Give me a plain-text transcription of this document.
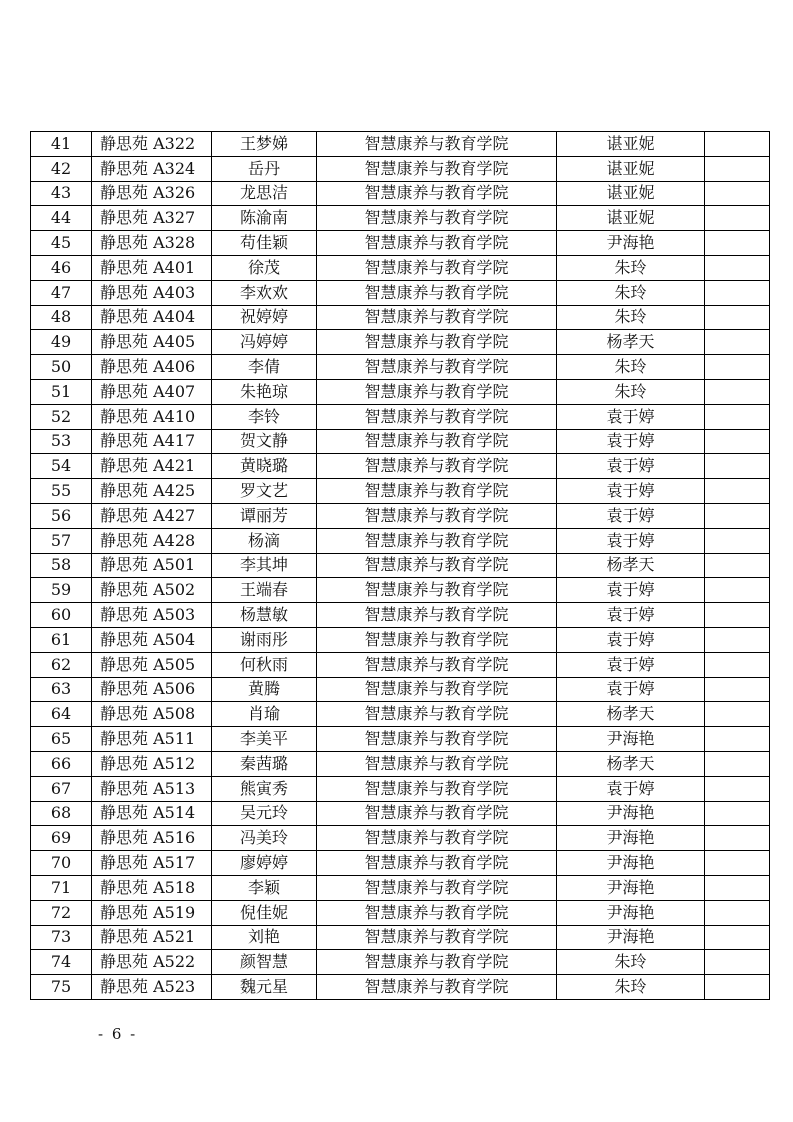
41	静思苑 A322	王梦娣	智慧康养与教育学院	谌亚妮	
42	静思苑 A324	岳丹	智慧康养与教育学院	谌亚妮	
43	静思苑 A326	龙思洁	智慧康养与教育学院	谌亚妮	
44	静思苑 A327	陈渝南	智慧康养与教育学院	谌亚妮	
45	静思苑 A328	苟佳颖	智慧康养与教育学院	尹海艳	
46	静思苑 A401	徐茂	智慧康养与教育学院	朱玲	
47	静思苑 A403	李欢欢	智慧康养与教育学院	朱玲	
48	静思苑 A404	祝婷婷	智慧康养与教育学院	朱玲	
49	静思苑 A405	冯婷婷	智慧康养与教育学院	杨孝天	
50	静思苑 A406	李倩	智慧康养与教育学院	朱玲	
51	静思苑 A407	朱艳琼	智慧康养与教育学院	朱玲	
52	静思苑 A410	李铃	智慧康养与教育学院	袁于婷	
53	静思苑 A417	贺文静	智慧康养与教育学院	袁于婷	
54	静思苑 A421	黄晓璐	智慧康养与教育学院	袁于婷	
55	静思苑 A425	罗文艺	智慧康养与教育学院	袁于婷	
56	静思苑 A427	谭丽芳	智慧康养与教育学院	袁于婷	
57	静思苑 A428	杨滴	智慧康养与教育学院	袁于婷	
58	静思苑 A501	李其坤	智慧康养与教育学院	杨孝天	
59	静思苑 A502	王端春	智慧康养与教育学院	袁于婷	
60	静思苑 A503	杨慧敏	智慧康养与教育学院	袁于婷	
61	静思苑 A504	谢雨彤	智慧康养与教育学院	袁于婷	
62	静思苑 A505	何秋雨	智慧康养与教育学院	袁于婷	
63	静思苑 A506	黄腾	智慧康养与教育学院	袁于婷	
64	静思苑 A508	肖瑜	智慧康养与教育学院	杨孝天	
65	静思苑 A511	李美平	智慧康养与教育学院	尹海艳	
66	静思苑 A512	秦茜璐	智慧康养与教育学院	杨孝天	
67	静思苑 A513	熊寅秀	智慧康养与教育学院	袁于婷	
68	静思苑 A514	吴元玲	智慧康养与教育学院	尹海艳	
69	静思苑 A516	冯美玲	智慧康养与教育学院	尹海艳	
70	静思苑 A517	廖婷婷	智慧康养与教育学院	尹海艳	
71	静思苑 A518	李颖	智慧康养与教育学院	尹海艳	
72	静思苑 A519	倪佳妮	智慧康养与教育学院	尹海艳	
73	静思苑 A521	刘艳	智慧康养与教育学院	尹海艳	
74	静思苑 A522	颜智慧	智慧康养与教育学院	朱玲	
75	静思苑 A523	魏元星	智慧康养与教育学院	朱玲	
- 6 -
